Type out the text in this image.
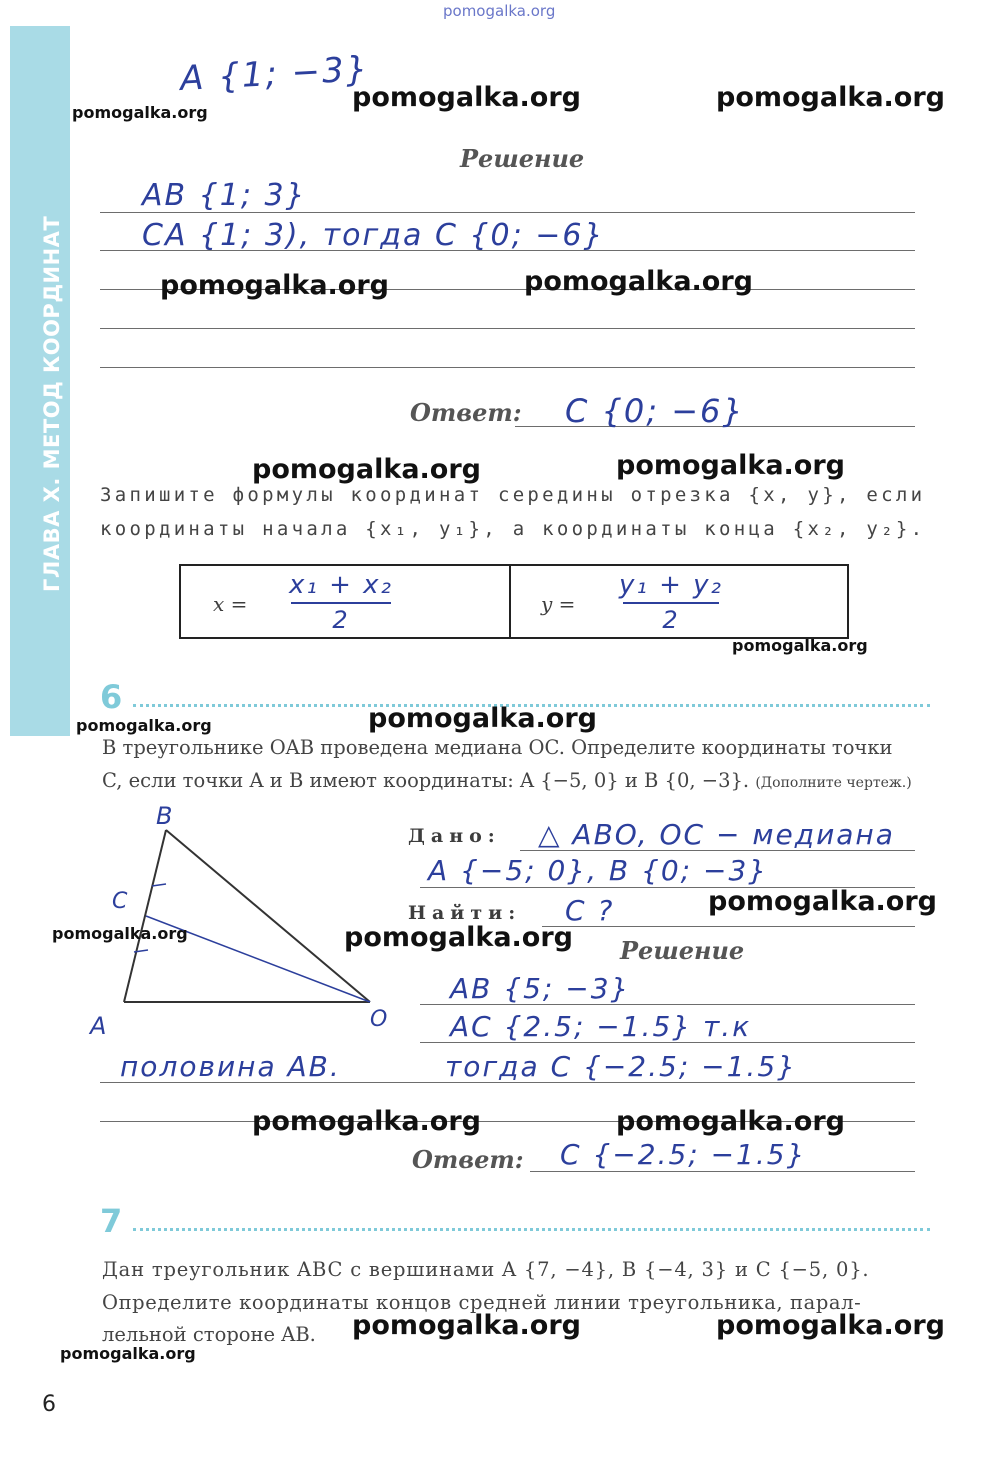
pomogalka.org
ГЛАВА X. МЕТОД КООРДИНАТ
A {1; −3}
Решение
AB {1; 3}
CA {1; 3), тогда C {0; −6}
Ответ: C {0; −6}
Запишите формулы координат середины отрезка {x, y}, если
координаты начала {x₁, y₁}, а координаты конца {x₂, y₂}.
x =
x₁ + x₂
2
y =
y₁ + y₂
2
6
В треугольнике OAB проведена медиана OC. Определите координаты точки
C, если точки A и B имеют координаты: A {−5, 0} и B {0, −3}. (Дополните чертеж.)
B
C
A	O
Дано: △ ABO, OC − медиана
A {−5; 0}, B {0; −3}
Найти: C ?
Решение
AB {5; −3}
AC {2.5; −1.5} т.к
половина AB.	тогда C {−2.5; −1.5}
Ответ: C {−2.5; −1.5}
7
Дан треугольник ABC с вершинами A {7, −4}, B {−4, 3} и C {−5, 0}.
Определите координаты концов средней линии треугольника, парал-
лельной стороне AB.
6
pomogalka.org	pomogalka.org	pomogalka.org
pomogalka.org	pomogalka.org
pomogalka.org	pomogalka.org
pomogalka.org
pomogalka.org	pomogalka.org
pomogalka.org
pomogalka.org	pomogalka.org
pomogalka.org	pomogalka.org
pomogalka.org	pomogalka.org
pomogalka.org
